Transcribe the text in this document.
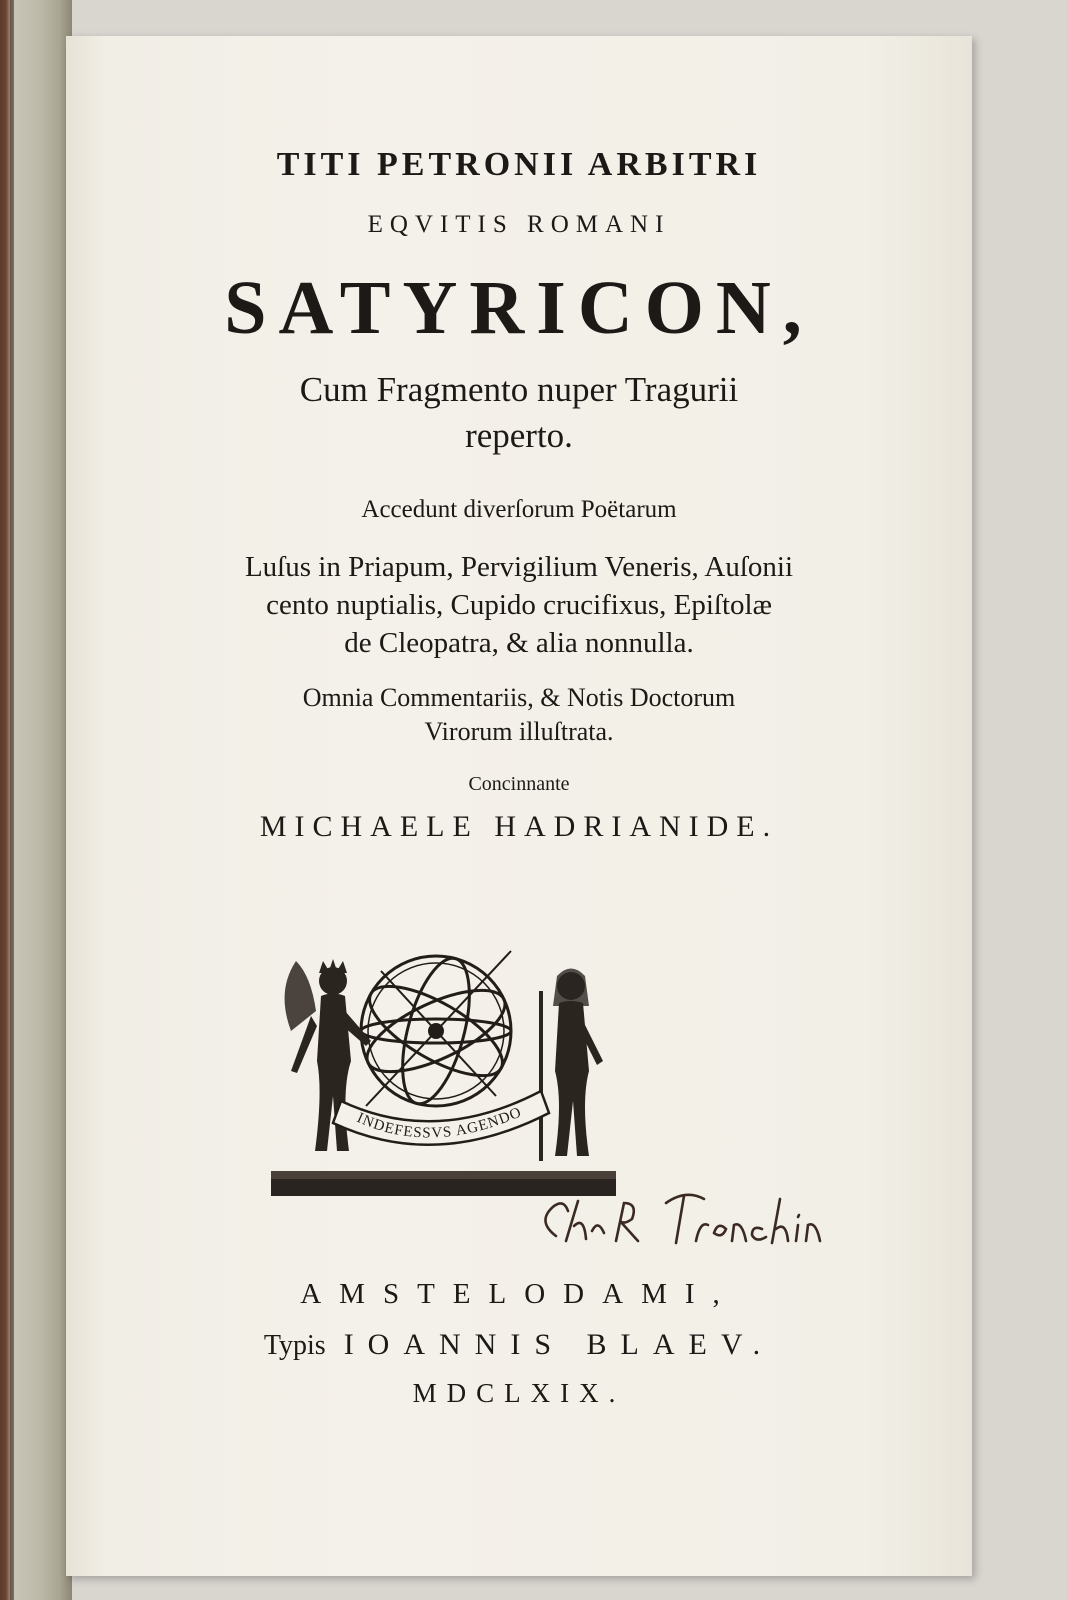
TITI PETRONII ARBITRI
EQVITIS ROMANI
SATYRICON,
Cum Fragmento nuper Tragurii
reperto.
Accedunt diverſorum Poëtarum
Luſus in Priapum, Pervigilium Veneris, Auſonii
cento nuptialis, Cupido crucifixus, Epiſtolæ
de Cleopatra, & alia nonnulla.
Omnia Commentariis, & Notis Doctorum
Virorum illuſtrata.
Concinnante
MICHAELE HADRIANIDE.
INDEFESSVS AGENDO
AMSTELODAMI,
Typis IOANNIS BLAEV.
MDCLXIX.
